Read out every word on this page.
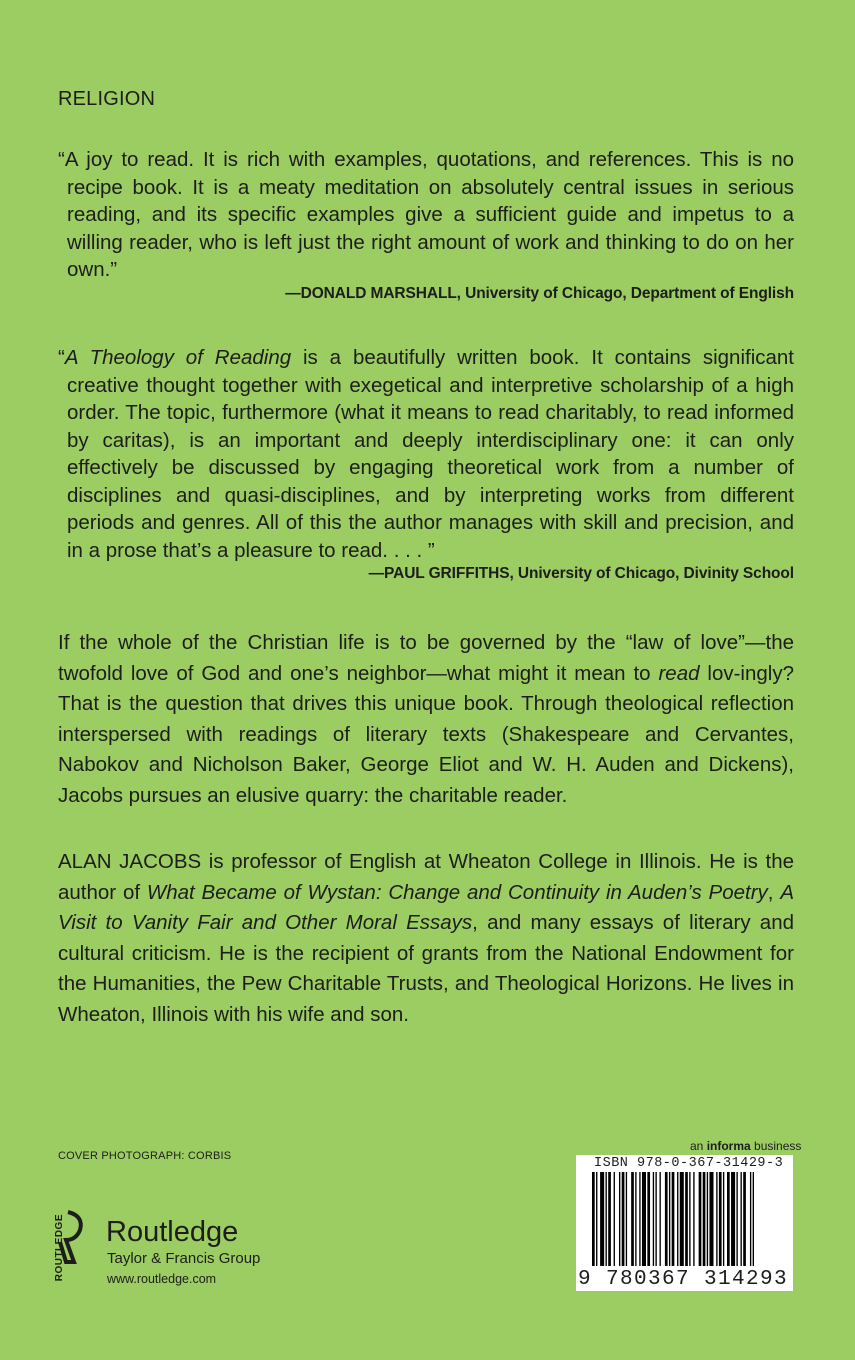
RELIGION

“A joy to read. It is rich with examples, quotations, and references. This is no recipe book. It is a meaty meditation on absolutely central issues in serious reading, and its specific examples give a sufficient guide and impetus to a willing reader, who is left just the right amount of work and thinking to do on her own.”

—DONALD MARSHALL, University of Chicago, Department of English

“A Theology of Reading is a beautifully written book. It contains significant creative thought together with exegetical and interpretive scholarship of a high order. The topic, furthermore (what it means to read charitably, to read informed by caritas), is an important and deeply interdisciplinary one: it can only effectively be discussed by engaging theoretical work from a number of disciplines and quasi-disciplines, and by interpreting works from different periods and genres. All of this the author manages with skill and precision, and in a prose that’s a pleasure to read. . . . ”

—PAUL GRIFFITHS, University of Chicago, Divinity School

If the whole of the Christian life is to be governed by the “law of love”—the twofold love of God and one’s neighbor—what might it mean to read lov-ingly? That is the question that drives this unique book. Through theological reflection interspersed with readings of literary texts (Shakespeare and Cervantes, Nabokov and Nicholson Baker, George Eliot and W. H. Auden and Dickens), Jacobs pursues an elusive quarry: the charitable reader.

ALAN JACOBS is professor of English at Wheaton College in Illinois. He is the author of What Became of Wystan: Change and Continuity in Auden’s Poetry, A Visit to Vanity Fair and Other Moral Essays, and many essays of literary and cultural criticism. He is the recipient of grants from the National Endowment for the Humanities, the Pew Charitable Trusts, and Theological Horizons. He lives in Wheaton, Illinois with his wife and son.

COVER PHOTOGRAPH: CORBIS
ROUTLEDGE Routledge
Taylor & Francis Group
www.routledge.com
an informa business
ISBN 978-0-367-31429-3
9 780367 314293
